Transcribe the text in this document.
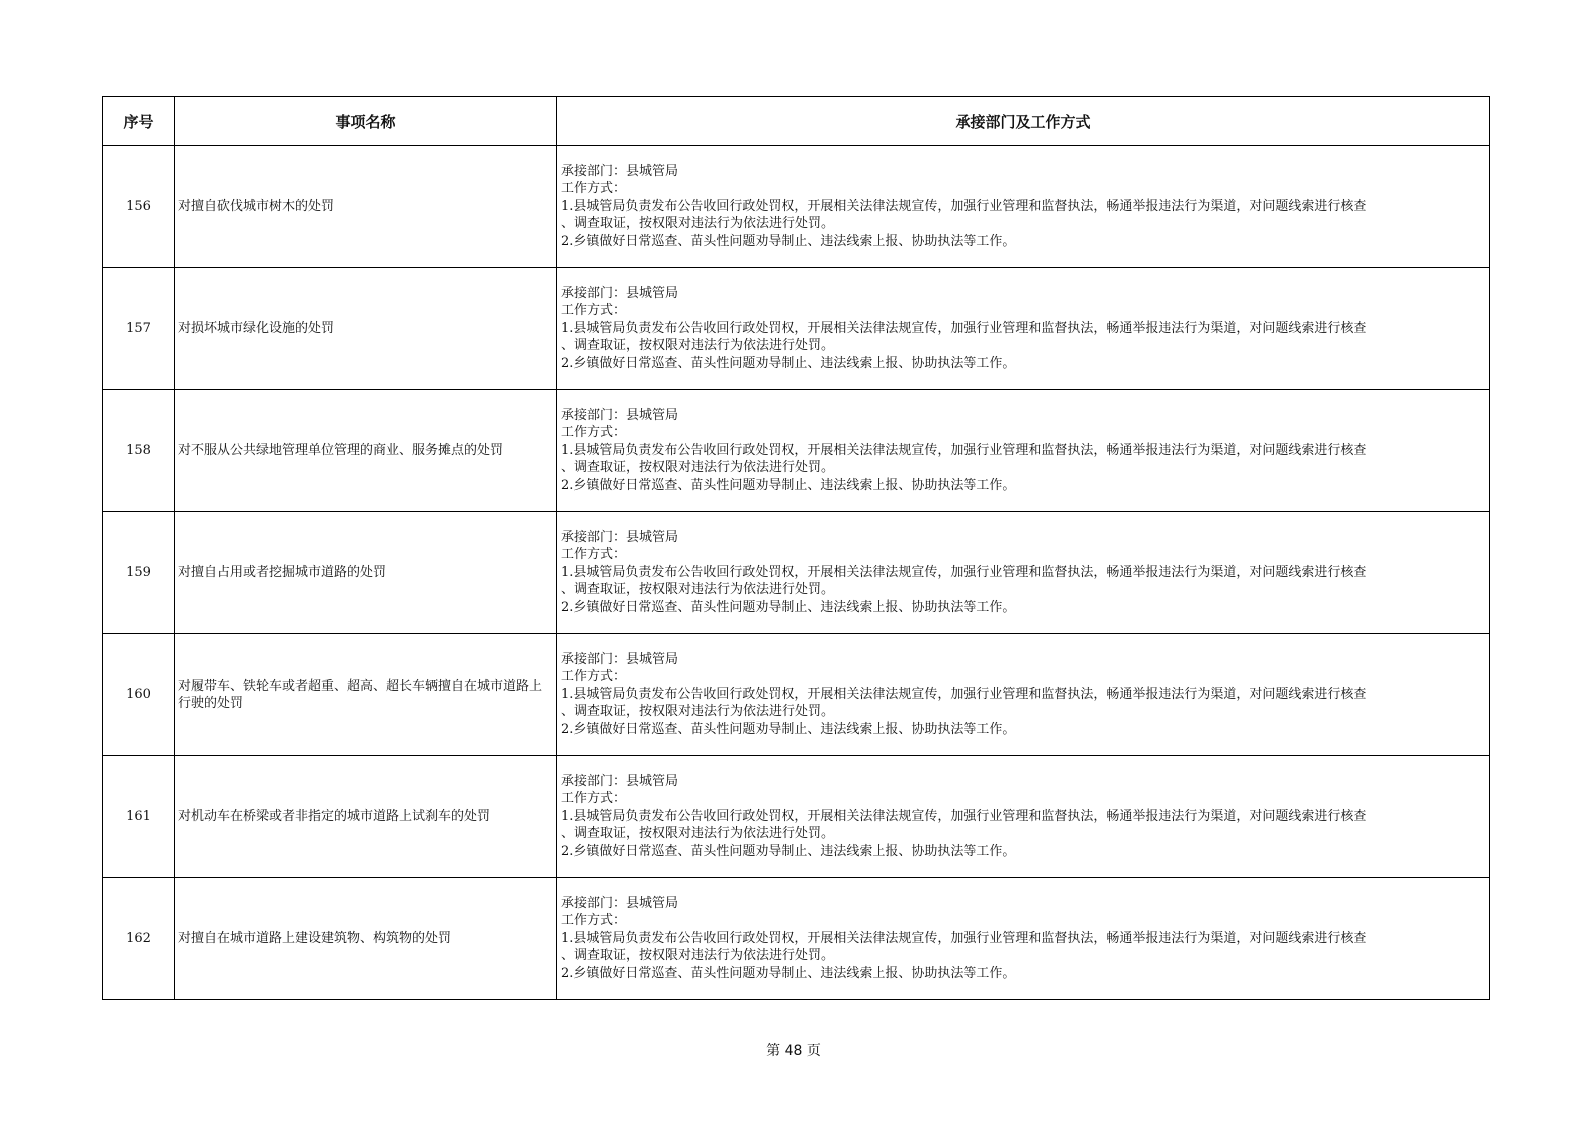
序号	事项名称	承接部门及工作方式
156	对擅自砍伐城市树木的处罚	承接部门：县城管局
工作方式：
1.县城管局负责发布公告收回行政处罚权，开展相关法律法规宣传，加强行业管理和监督执法，畅通举报违法行为渠道，对问题线索进行核查
、调查取证，按权限对违法行为依法进行处罚。
2.乡镇做好日常巡查、苗头性问题劝导制止、违法线索上报、协助执法等工作。

157	对损坏城市绿化设施的处罚	承接部门：县城管局
工作方式：
1.县城管局负责发布公告收回行政处罚权，开展相关法律法规宣传，加强行业管理和监督执法，畅通举报违法行为渠道，对问题线索进行核查
、调查取证，按权限对违法行为依法进行处罚。
2.乡镇做好日常巡查、苗头性问题劝导制止、违法线索上报、协助执法等工作。

158	对不服从公共绿地管理单位管理的商业、服务摊点的处罚	承接部门：县城管局
工作方式：
1.县城管局负责发布公告收回行政处罚权，开展相关法律法规宣传，加强行业管理和监督执法，畅通举报违法行为渠道，对问题线索进行核查
、调查取证，按权限对违法行为依法进行处罚。
2.乡镇做好日常巡查、苗头性问题劝导制止、违法线索上报、协助执法等工作。

159	对擅自占用或者挖掘城市道路的处罚	承接部门：县城管局
工作方式：
1.县城管局负责发布公告收回行政处罚权，开展相关法律法规宣传，加强行业管理和监督执法，畅通举报违法行为渠道，对问题线索进行核查
、调查取证，按权限对违法行为依法进行处罚。
2.乡镇做好日常巡查、苗头性问题劝导制止、违法线索上报、协助执法等工作。

160	对履带车、铁轮车或者超重、超高、超长车辆擅自在城市道路上行驶的处罚	承接部门：县城管局
工作方式：
1.县城管局负责发布公告收回行政处罚权，开展相关法律法规宣传，加强行业管理和监督执法，畅通举报违法行为渠道，对问题线索进行核查
、调查取证，按权限对违法行为依法进行处罚。
2.乡镇做好日常巡查、苗头性问题劝导制止、违法线索上报、协助执法等工作。

161	对机动车在桥梁或者非指定的城市道路上试刹车的处罚	承接部门：县城管局
工作方式：
1.县城管局负责发布公告收回行政处罚权，开展相关法律法规宣传，加强行业管理和监督执法，畅通举报违法行为渠道，对问题线索进行核查
、调查取证，按权限对违法行为依法进行处罚。
2.乡镇做好日常巡查、苗头性问题劝导制止、违法线索上报、协助执法等工作。

162	对擅自在城市道路上建设建筑物、构筑物的处罚	承接部门：县城管局
工作方式：
1.县城管局负责发布公告收回行政处罚权，开展相关法律法规宣传，加强行业管理和监督执法，畅通举报违法行为渠道，对问题线索进行核查
、调查取证，按权限对违法行为依法进行处罚。
2.乡镇做好日常巡查、苗头性问题劝导制止、违法线索上报、协助执法等工作。
第 48 页
